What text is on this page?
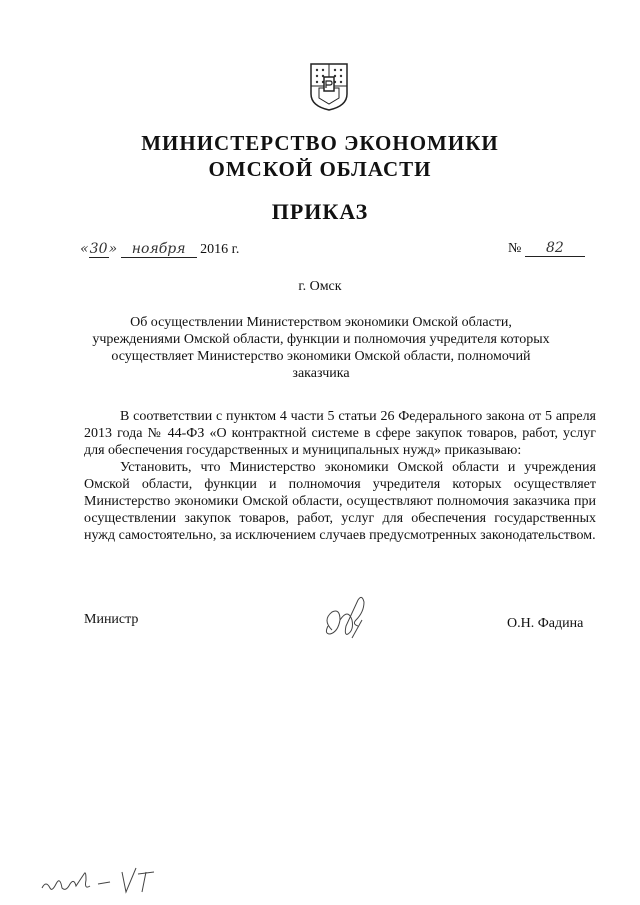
МИНИСТЕРСТВО ЭКОНОМИКИ
ОМСКОЙ ОБЛАСТИ
ПРИКАЗ
«30» ноября 2016 г.	№ 82
г. Омск
Об осуществлении Министерством экономики Омской области,
учреждениями Омской области, функции и полномочия учредителя которых
осуществляет Министерство экономики Омской области, полномочий
заказчика

В соответствии с пунктом 4 части 5 статьи 26 Федерального закона от 5 апреля 2013 года № 44-ФЗ «О контрактной системе в сфере закупок товаров, работ, услуг для обеспечения государственных и муниципальных нужд» приказываю:

Установить, что Министерство экономики Омской области и учреждения Омской области, функции и полномочия учредителя которых осуществляет Министерство экономики Омской области, осуществляют полномочия заказчика при осуществлении закупок товаров, работ, услуг для обеспечения государственных нужд самостоятельно, за исключением случаев предусмотренных законодательством.

Министр	О.Н. Фадина
